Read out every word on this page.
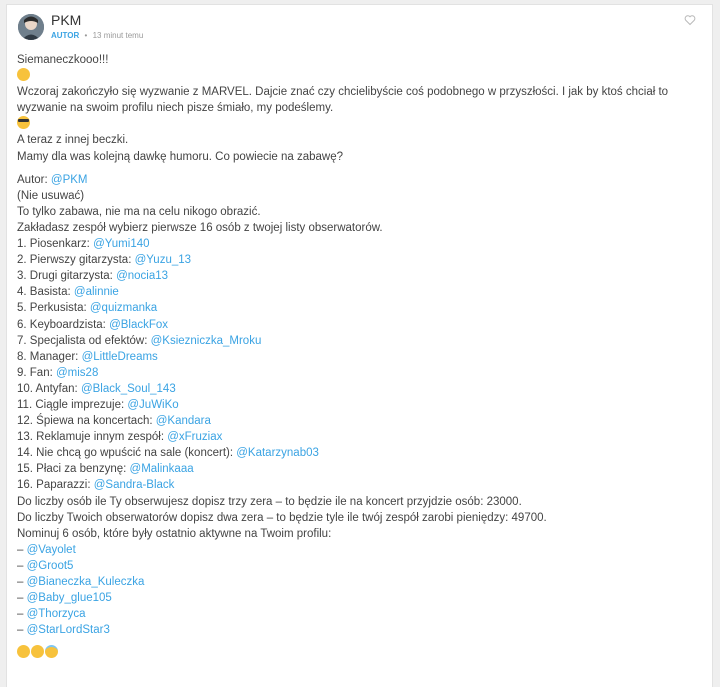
PKM
AUTOR • 13 minut temu
Siemaneczkooo!!!
Wczoraj zakończyło się wyzwanie z MARVEL. Dajcie znać czy chcielibyście coś podobnego w przyszłości. I jak by ktoś chciał to
wyzwanie na swoim profilu niech pisze śmiało, my podeślemy.
A teraz z innej beczki.
Mamy dla was kolejną dawkę humoru. Co powiecie na zabawę?
Autor: @PKM
(Nie usuwać)
To tylko zabawa, nie ma na celu nikogo obrazić.
Zakładasz zespół wybierz pierwsze 16 osób z twojej listy obserwatorów.
1. Piosenkarz: @Yumi140
2. Pierwszy gitarzysta: @Yuzu_13
3. Drugi gitarzysta: @nocia13
4. Basista: @alinnie
5. Perkusista: @quizmanka
6. Keyboardzista: @BlackFox
7. Specjalista od efektów: @Ksiezniczka_Mroku
8. Manager: @LittleDreams
9. Fan: @mis28
10. Antyfan: @Black_Soul_143
11. Ciągle imprezuje: @JuWiKo
12. Śpiewa na koncertach: @Kandara
13. Reklamuje innym zespół: @xFruziax
14. Nie chcą go wpuścić na sale (koncert): @Katarzynab03
15. Płaci za benzynę: @Malinkaaa
16. Paparazzi: @Sandra-Black
Do liczby osób ile Ty obserwujesz dopisz trzy zera – to będzie ile na koncert przyjdzie osób: 23000.
Do liczby Twoich obserwatorów dopisz dwa zera – to będzie tyle ile twój zespół zarobi pieniędzy: 49700.
Nominuj 6 osób, które były ostatnio aktywne na Twoim profilu:
– @Vayolet
– @Groot5
– @Bianeczka_Kuleczka
– @Baby_glue105
– @Thorzyca
– @StarLordStar3
